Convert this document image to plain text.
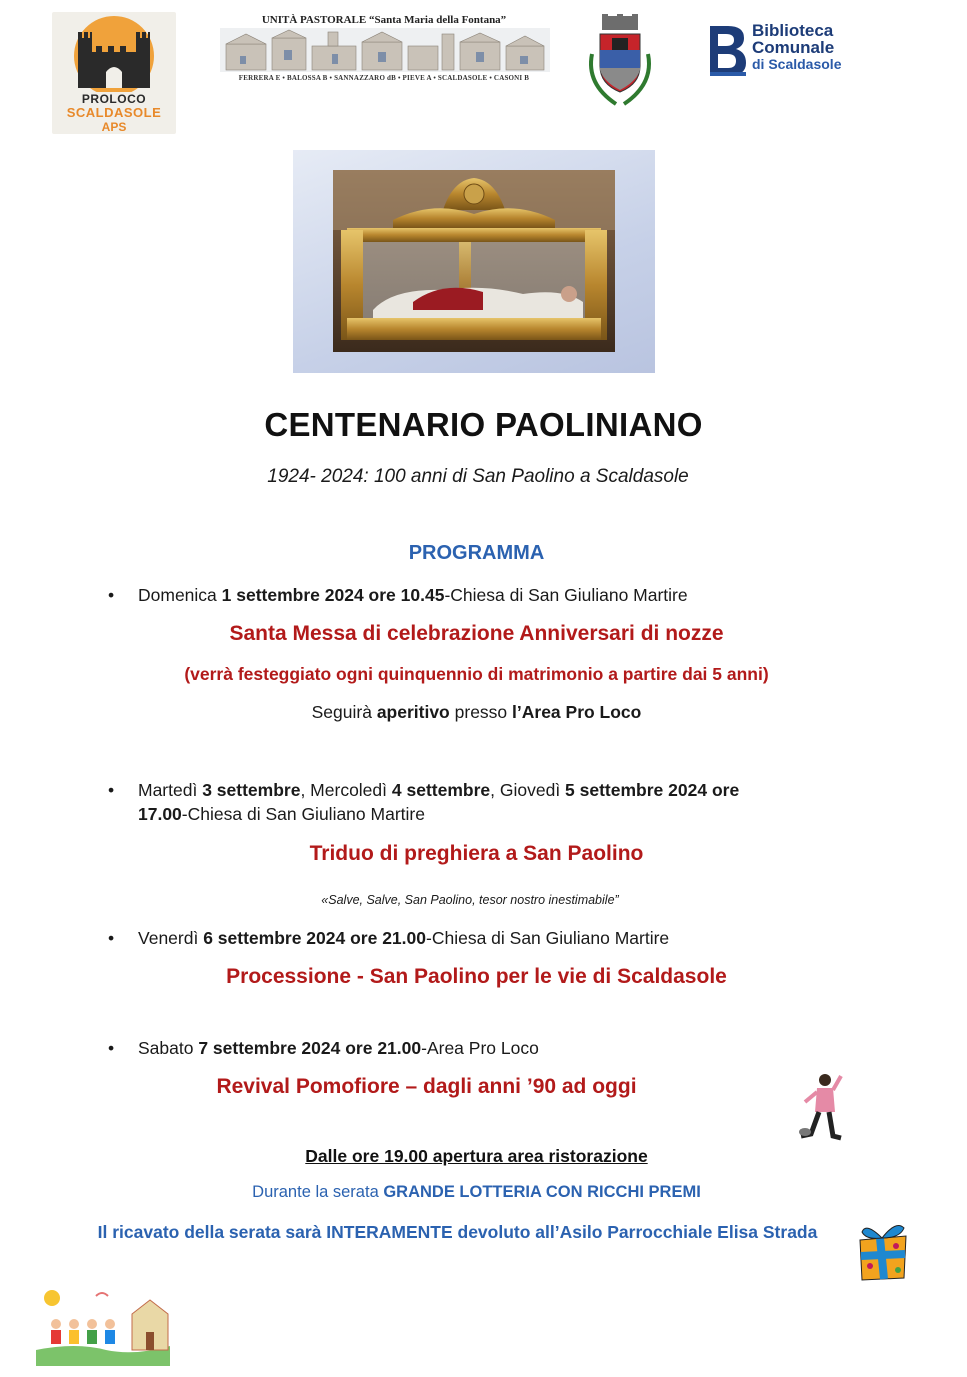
PROLOCO
SCALDASOLE
APS
UNITÀ PASTORALE “Santa Maria della Fontana”
FERRERA E • BALOSSA B • SANNAZZARO dB • PIEVE A • SCALDASOLE • CASONI B
Biblioteca
Comunale
di Scaldasole
CENTENARIO PAOLINIANO
1924- 2024: 100 anni di San Paolino a Scaldasole
PROGRAMMA
• Domenica 1 settembre 2024 ore 10.45-Chiesa di San Giuliano Martire
Santa Messa di celebrazione Anniversari di nozze
(verrà festeggiato ogni quinquennio di matrimonio a partire dai 5 anni)
Seguirà aperitivo presso l’Area Pro Loco
• Martedì 3 settembre, Mercoledì 4 settembre, Giovedì 5 settembre 2024 ore
17.00-Chiesa di San Giuliano Martire
Triduo di preghiera a San Paolino
«Salve, Salve, San Paolino, tesor nostro inestimabile”
• Venerdì 6 settembre 2024 ore 21.00-Chiesa di San Giuliano Martire
Processione - San Paolino per le vie di Scaldasole
• Sabato 7 settembre 2024 ore 21.00-Area Pro Loco
Revival Pomofiore – dagli anni ’90 ad oggi
Dalle ore 19.00 apertura area ristorazione
Durante la serata GRANDE LOTTERIA CON RICCHI PREMI
Il ricavato della serata sarà INTERAMENTE devoluto all’Asilo Parrocchiale Elisa Strada
